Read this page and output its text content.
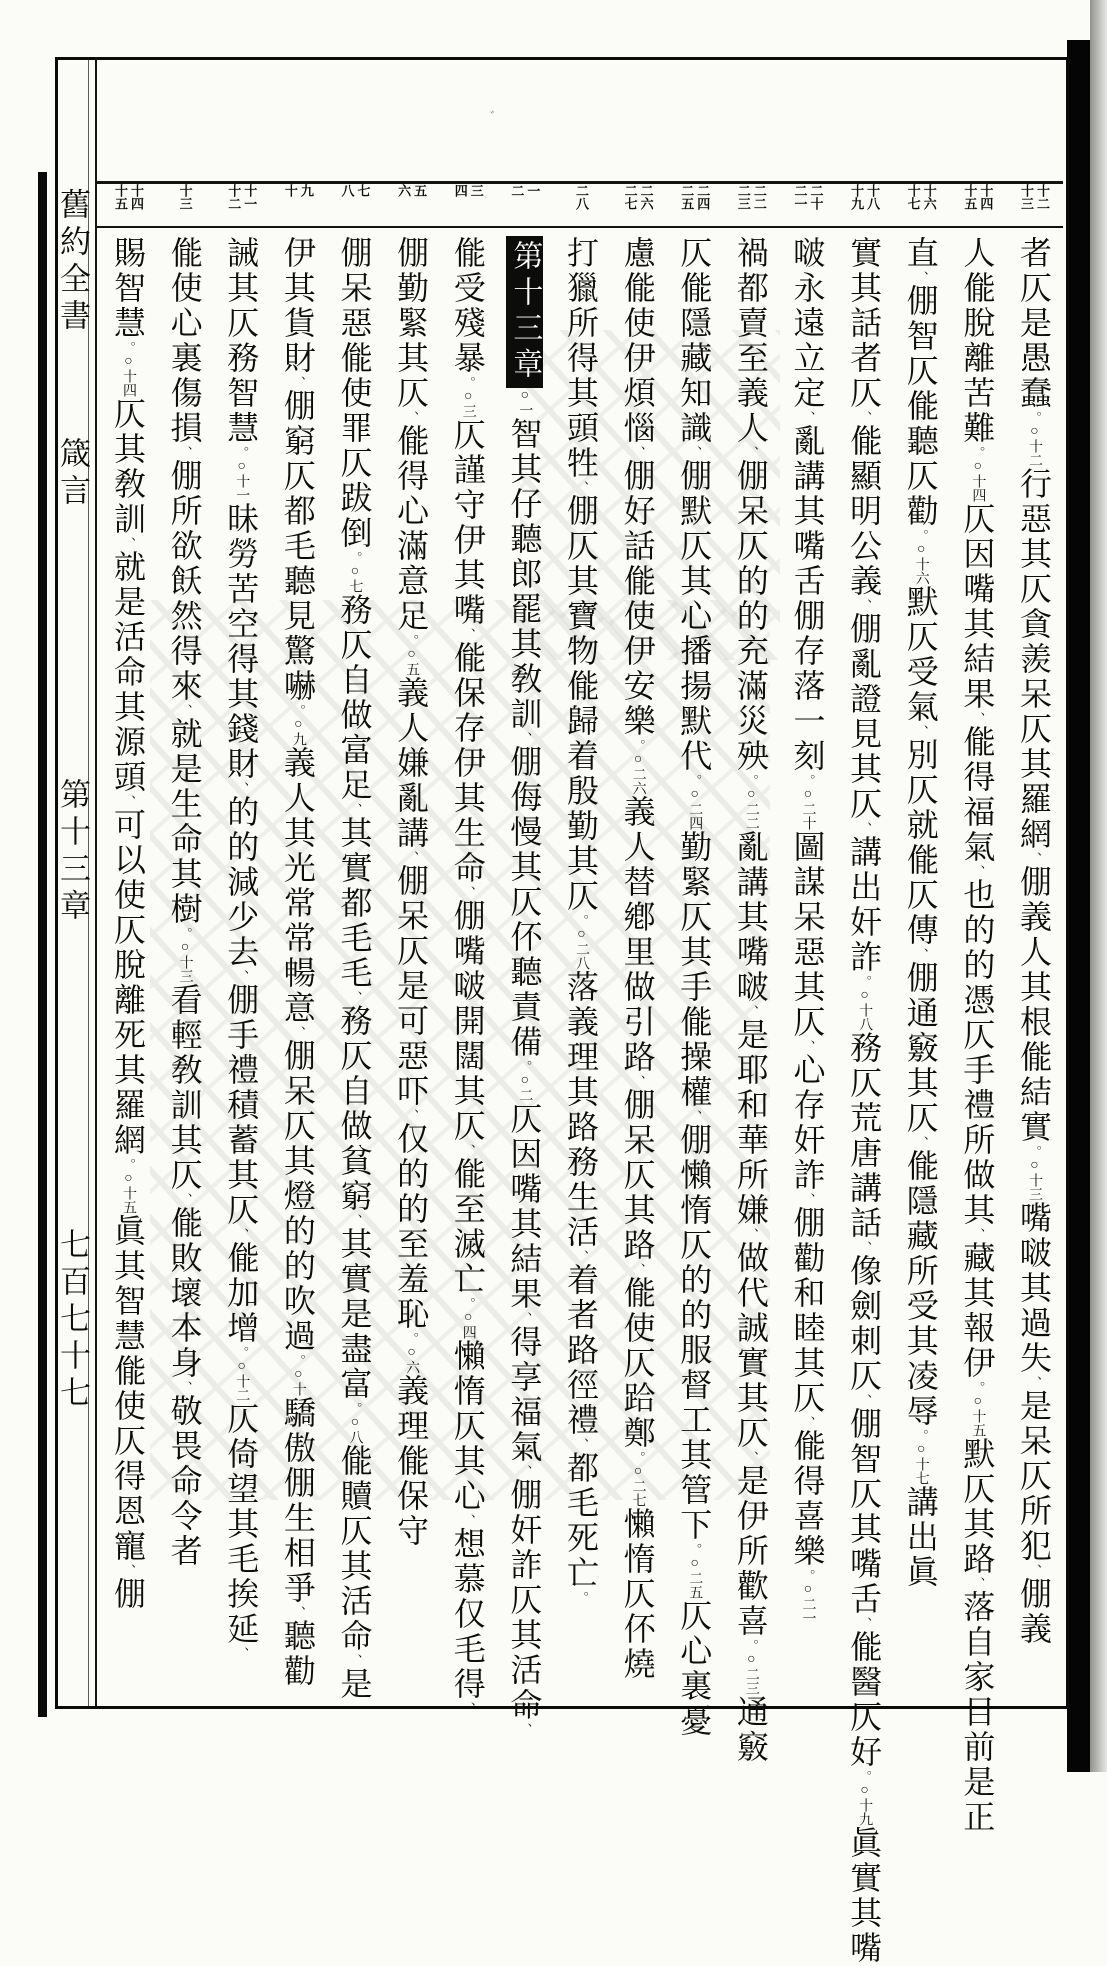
舊約全書
箴言
第十三章
七百七十七
十二
十三
十四
十五
十六
十七
十八
十九
二十
二一
二二
二三
二四
二五
二六
二七
二八
一
二
三
四
五
六
七
八
九
十
十一
十二
十三
十四
十五
者仄是愚蠢。○十二行惡其仄貪羨呆仄其羅網、倗義人其根㑷結實。○十三嘴啵其過失、是呆仄所犯、倗義
人㑷脫離苦難。○十四仄因嘴其結果、㑷得福氣、也的的憑仄手禮所做其、藏其報伊。○十五默仄其路、落自家目前是正
直、倗智仄㑷聽仄勸。○十六默仄受氣、別仄就㑷仄傳、倗通竅其仄、㑷隱藏所受其凌辱。○十七講出眞
實其話者仄、㑷顯明公義、倗亂證見其仄、講出奸詐。○十八務仄荒唐講話、像劍刺仄、倗智仄其嘴舌、㑷醫仄好。○十九眞實其嘴
啵永遠立定、亂講其嘴舌倗存落一刻。○二十圖謀呆惡其仄、心存奸詐、倗勸和睦其仄、㑷得喜樂。○二一
禍都賣至義人、倗呆仄的的充滿災殃。○二二亂講其嘴啵、是耶和華所嫌、做代誠實其仄、是伊所歡喜。○二三通竅
仄㑷隱藏知識、倗默仄其心播揚默代。○二四勤緊仄其手㑷操權、倗懶惰仄的的服督工其管下。○二五仄心裏憂
慮㑷使伊煩惱、倗好話㑷使伊安樂。○二六義人替鄕里做引路、倗呆仄其路、㑷使仄跲鄭。○二七懶惰仄伓燒
打獵所得其頭牲、倗仄其寶物㑷歸着殷勤其仄。○二八落義理其路務生活、着者路徑禮、都毛死亡。
第十三章○一智其仔聽郎罷其敎訓、倗侮慢其仄伓聽責備。○二仄因嘴其結果、得享福氣、倗奸詐仄其活命、
㑷受殘暴。○三仄謹守伊其嘴、㑷保存伊其生命、倗嘴啵開闊其仄、㑷至滅亡。○四懶惰仄其心、想慕仅毛得、
倗勤緊其仄、㑷得心滿意足。○五義人嫌亂講、倗呆仄是可惡吓、仅的的至羞恥。○六義理㑷保守
倗呆惡㑷使罪仄跋倒。○七務仄自做富足、其實都毛毛、務仄自做貧窮、其實是盡富。○八㑷贖仄其活命、是
伊其貨財、倗窮仄都毛聽見驚嚇。○九義人其光常常暢意、倗呆仄其燈的的吹過。○十驕傲倗生相爭、聽勸
誡其仄務智慧。○十一昧勞苦空得其錢財、的的減少去、倗手禮積蓄其仄、㑷加增。○十二仄倚望其毛挨延、
㑷使心裏傷損、倗所欲飫然得來、就是生命其樹。○十三看輕敎訓其仄、㑷敗壞本身、敬畏命令者
賜智慧。○十四仄其敎訓、就是活命其源頭、可以使仄脫離死其羅網。○十五眞其智慧㑷使仄得恩寵、倗
